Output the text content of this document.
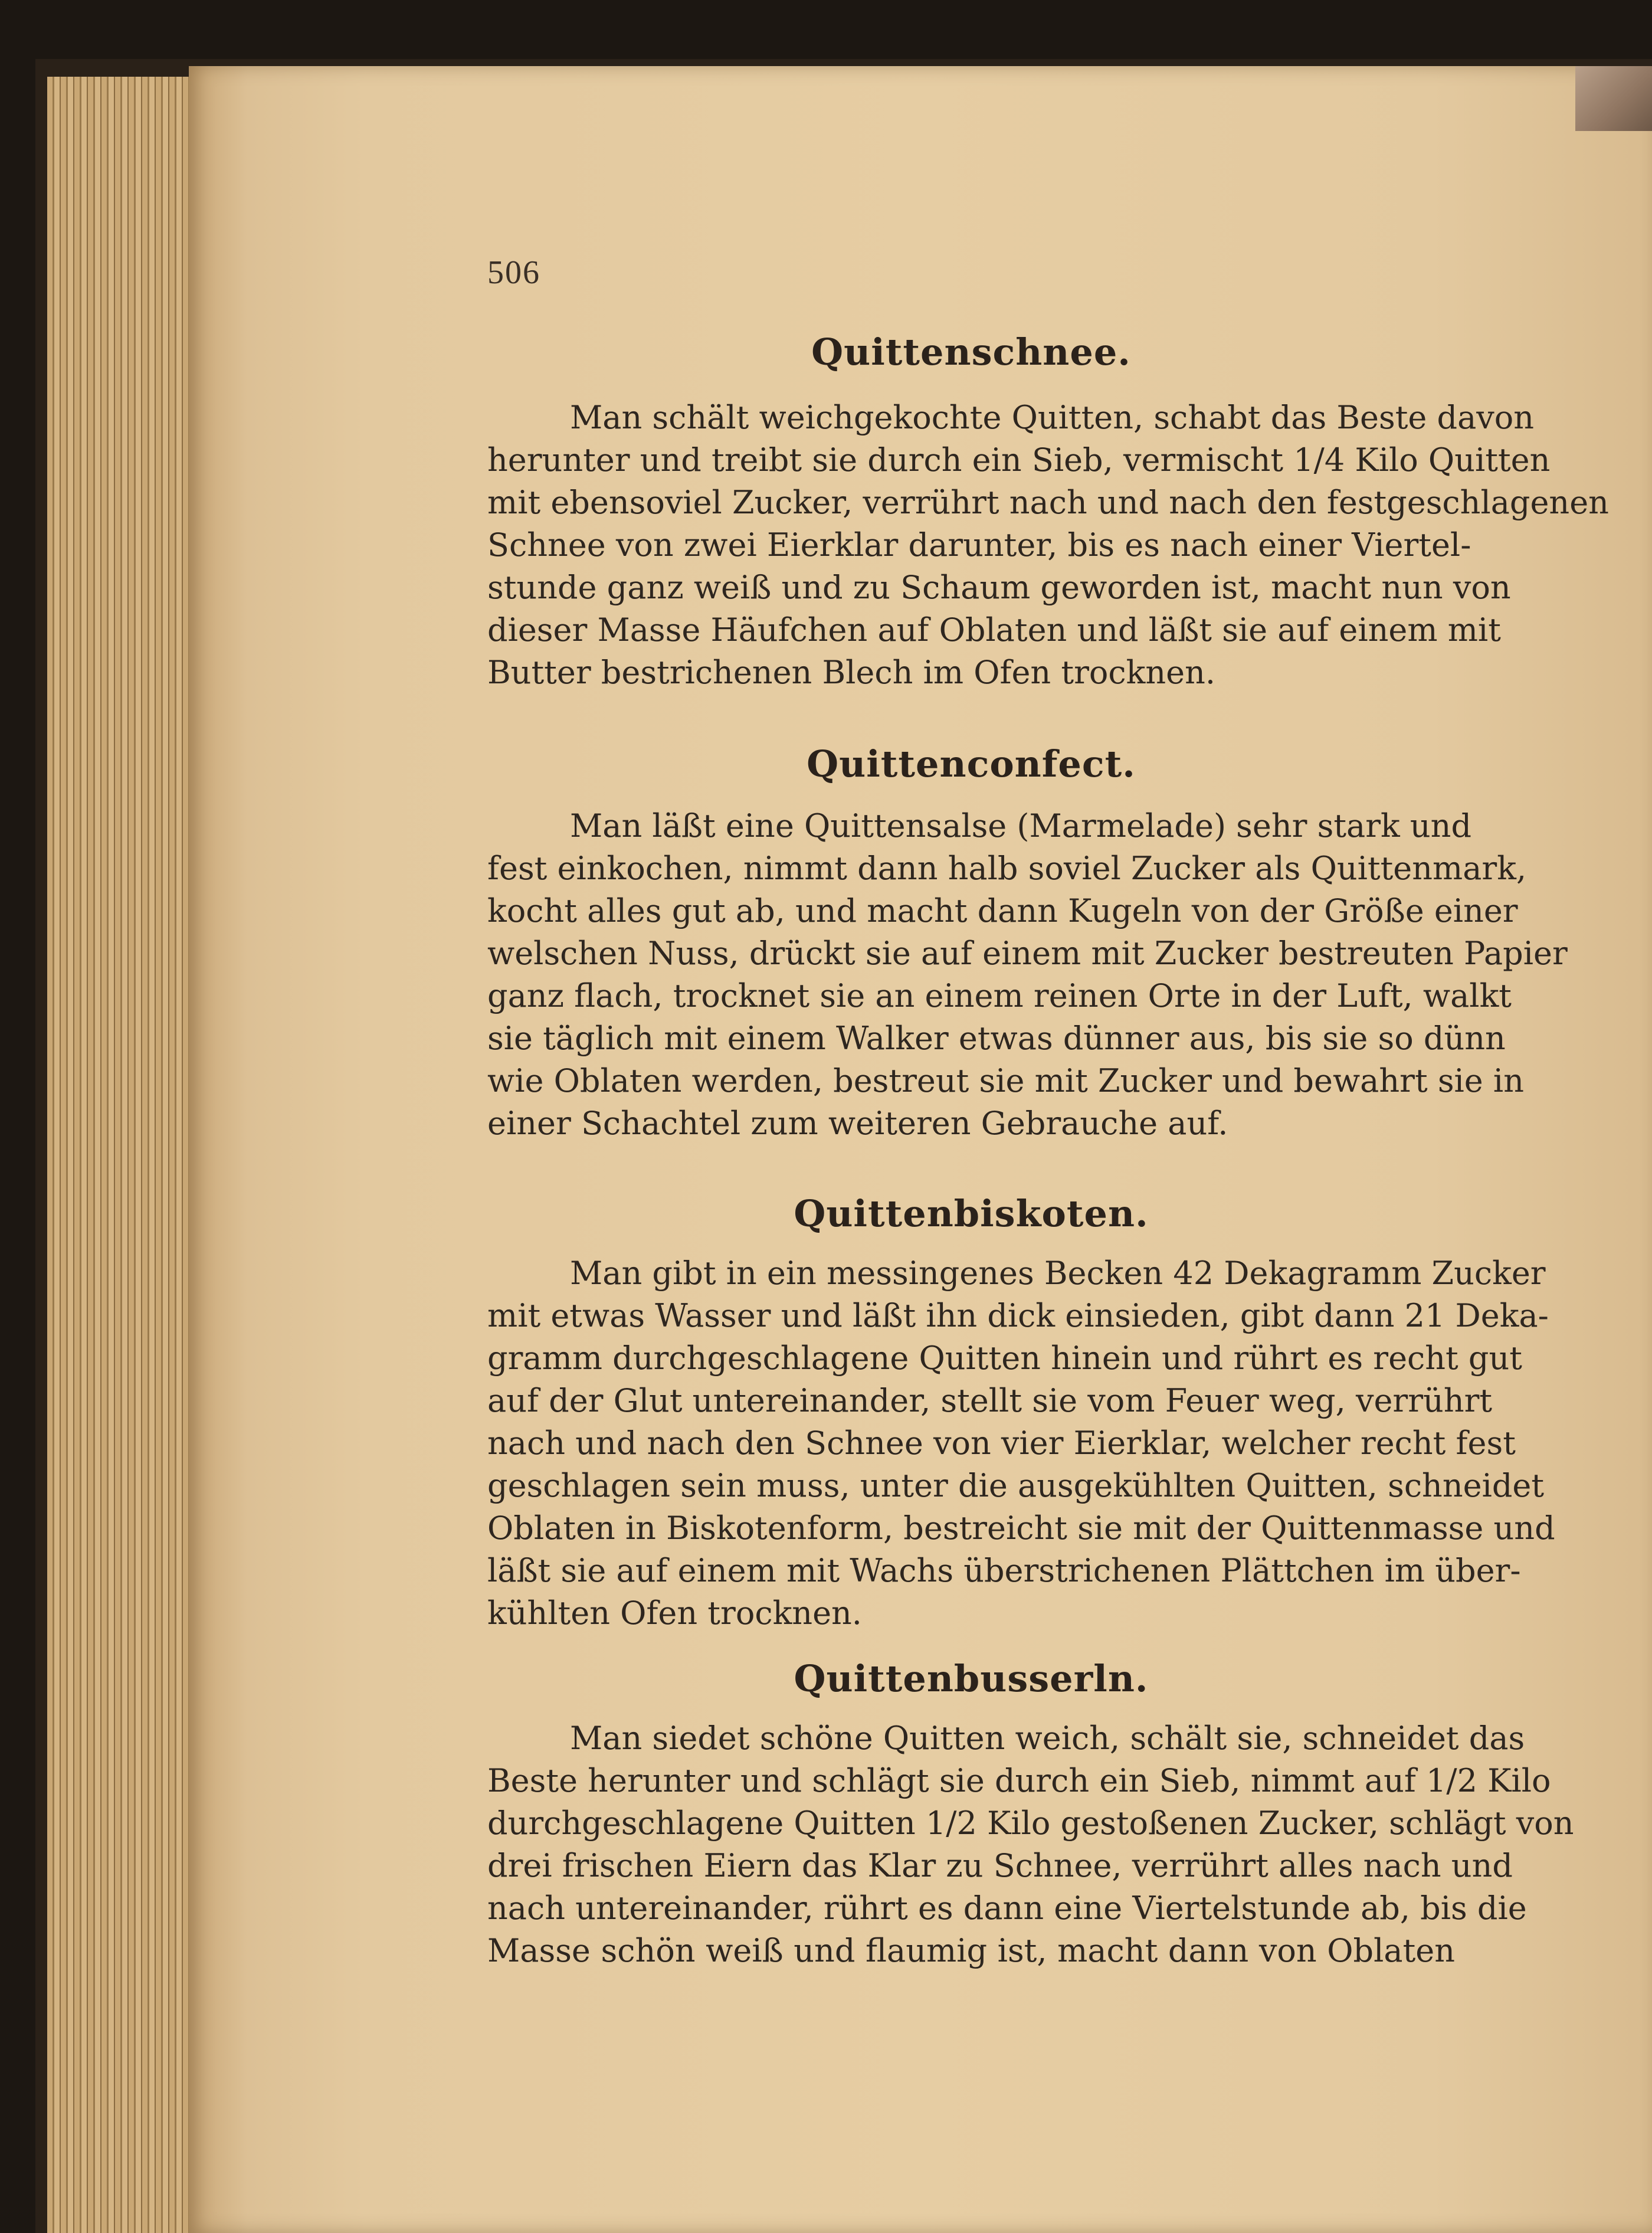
506
Quittenschnee.
Man schält weichgekochte Quitten, schabt das Beste davon
herunter und treibt sie durch ein Sieb, vermischt 1/4 Kilo Quitten
mit ebensoviel Zucker, verrührt nach und nach den festgeschlagenen
Schnee von zwei Eierklar darunter, bis es nach einer Viertel-
stunde ganz weiß und zu Schaum geworden ist, macht nun von
dieser Masse Häufchen auf Oblaten und läßt sie auf einem mit
Butter bestrichenen Blech im Ofen trocknen.
Quittenconfect.
Man läßt eine Quittensalse (Marmelade) sehr stark und
fest einkochen, nimmt dann halb soviel Zucker als Quittenmark,
kocht alles gut ab, und macht dann Kugeln von der Größe einer
welschen Nuss, drückt sie auf einem mit Zucker bestreuten Papier
ganz flach, trocknet sie an einem reinen Orte in der Luft, walkt
sie täglich mit einem Walker etwas dünner aus, bis sie so dünn
wie Oblaten werden, bestreut sie mit Zucker und bewahrt sie in
einer Schachtel zum weiteren Gebrauche auf.
Quittenbiskoten.
Man gibt in ein messingenes Becken 42 Dekagramm Zucker
mit etwas Wasser und läßt ihn dick einsieden, gibt dann 21 Deka-
gramm durchgeschlagene Quitten hinein und rührt es recht gut
auf der Glut untereinander, stellt sie vom Feuer weg, verrührt
nach und nach den Schnee von vier Eierklar, welcher recht fest
geschlagen sein muss, unter die ausgekühlten Quitten, schneidet
Oblaten in Biskotenform, bestreicht sie mit der Quittenmasse und
läßt sie auf einem mit Wachs überstrichenen Plättchen im über-
kühlten Ofen trocknen.
Quittenbusserln.
Man siedet schöne Quitten weich, schält sie, schneidet das
Beste herunter und schlägt sie durch ein Sieb, nimmt auf 1/2 Kilo
durchgeschlagene Quitten 1/2 Kilo gestoßenen Zucker, schlägt von
drei frischen Eiern das Klar zu Schnee, verrührt alles nach und
nach untereinander, rührt es dann eine Viertelstunde ab, bis die
Masse schön weiß und flaumig ist, macht dann von Oblaten
